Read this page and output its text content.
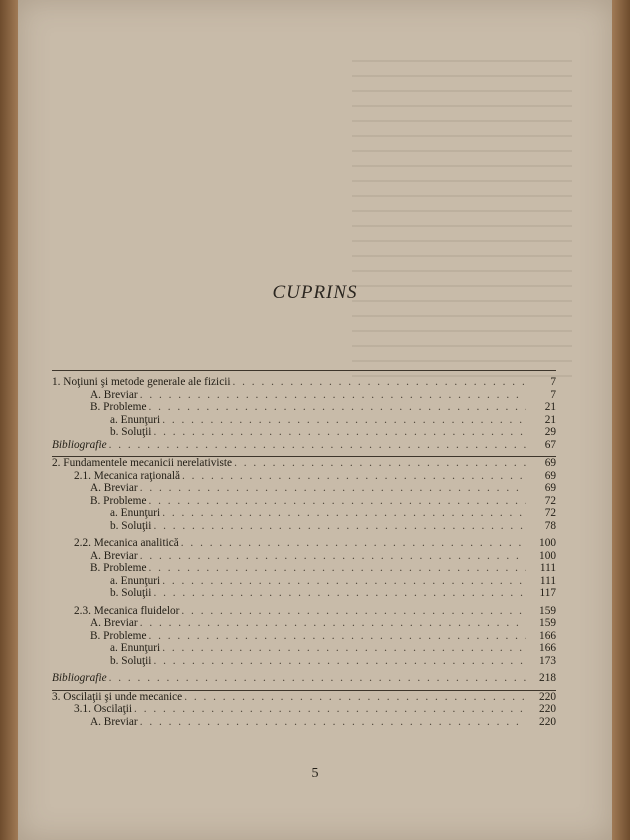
CUPRINS
1. Noţiuni şi metode generale ale fizicii . . .	7
A. Breviar . . .	7
B. Probleme . . .	21
a. Enunţuri . . .	21
b. Soluţii . . .	29
Bibliografie . . .	67
2. Fundamentele mecanicii nerelativiste . . .	69
2.1. Mecanica raţională . . .	69
A. Breviar . . .	69
B. Probleme . . .	72
a. Enunţuri . . .	72
b. Soluţii . . .	78
2.2. Mecanica analitică . . .	100
A. Breviar . . .	100
B. Probleme . . .	111
a. Enunţuri . . .	111
b. Soluţii . . .	117
2.3. Mecanica fluidelor . . .	159
A. Breviar . . .	159
B. Probleme . . .	166
a. Enunţuri . . .	166
b. Soluţii . . .	173
Bibliografie . . .	218
3. Oscilaţii şi unde mecanice . . .	220
3.1. Oscilaţii . . .	220
A. Breviar . . .	220
5
